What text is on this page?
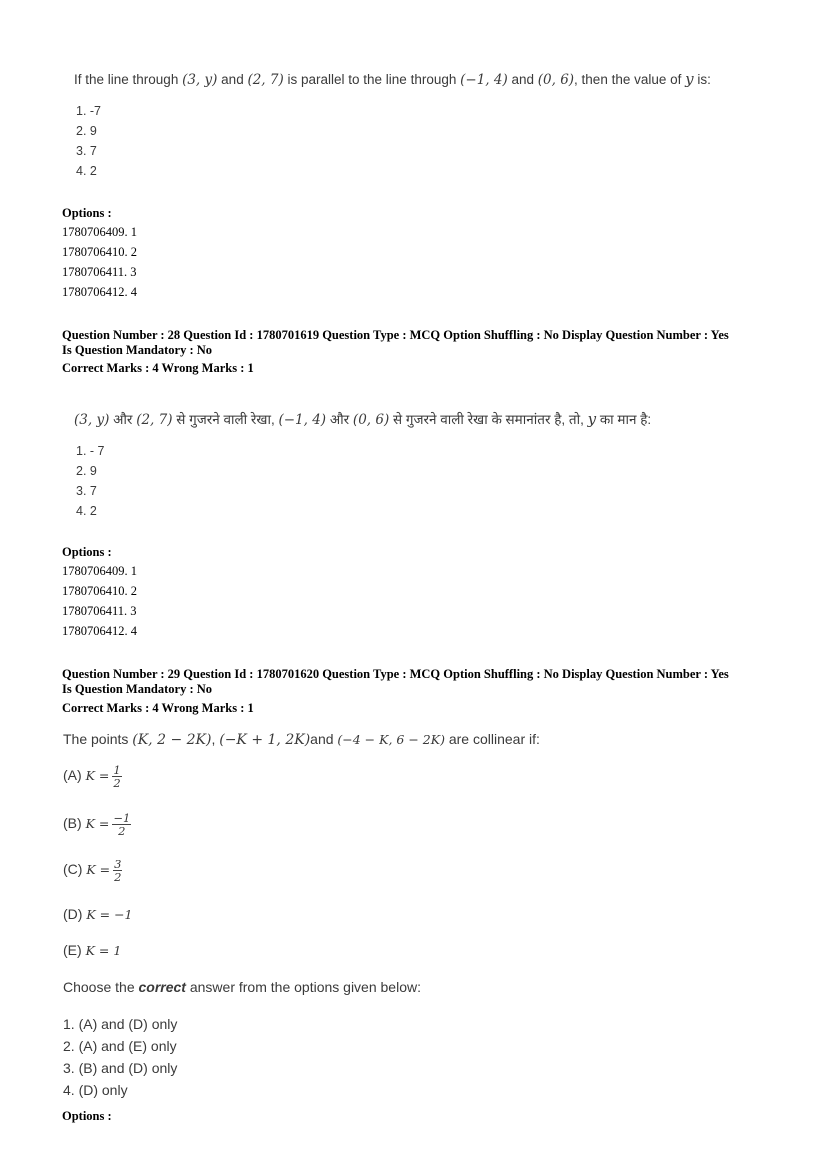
If the line through (3, y) and (2, 7) is parallel to the line through (−1, 4) and (0, 6), then the value of y is:
1. -7
2. 9
3. 7
4. 2
Options :
1780706409. 1
1780706410. 2
1780706411. 3
1780706412. 4
Question Number : 28 Question Id : 1780701619 Question Type : MCQ Option Shuffling : No Display Question Number : Yes
Is Question Mandatory : No
Correct Marks : 4 Wrong Marks : 1
(3, y) और (2, 7) से गुजरने वाली रेखा, (−1, 4) और (0, 6) से गुजरने वाली रेखा के समानांतर है, तो, y का मान है:
1. - 7
2. 9
3. 7
4. 2
Options :
1780706409. 1
1780706410. 2
1780706411. 3
1780706412. 4
Question Number : 29 Question Id : 1780701620 Question Type : MCQ Option Shuffling : No Display Question Number : Yes
Is Question Mandatory : No
Correct Marks : 4 Wrong Marks : 1
The points (K, 2 − 2K), (−K + 1, 2K)and (−4 − K, 6 − 2K) are collinear if:
(A) $K = \frac{1}{2}$
(B) $K = \frac{-1}{2}$
(C) $K = \frac{3}{2}$
(D) K = −1
(E) K = 1
Choose the correct answer from the options given below:
1. (A) and (D) only
2. (A) and (E) only
3. (B) and (D) only
4. (D) only
Options :
